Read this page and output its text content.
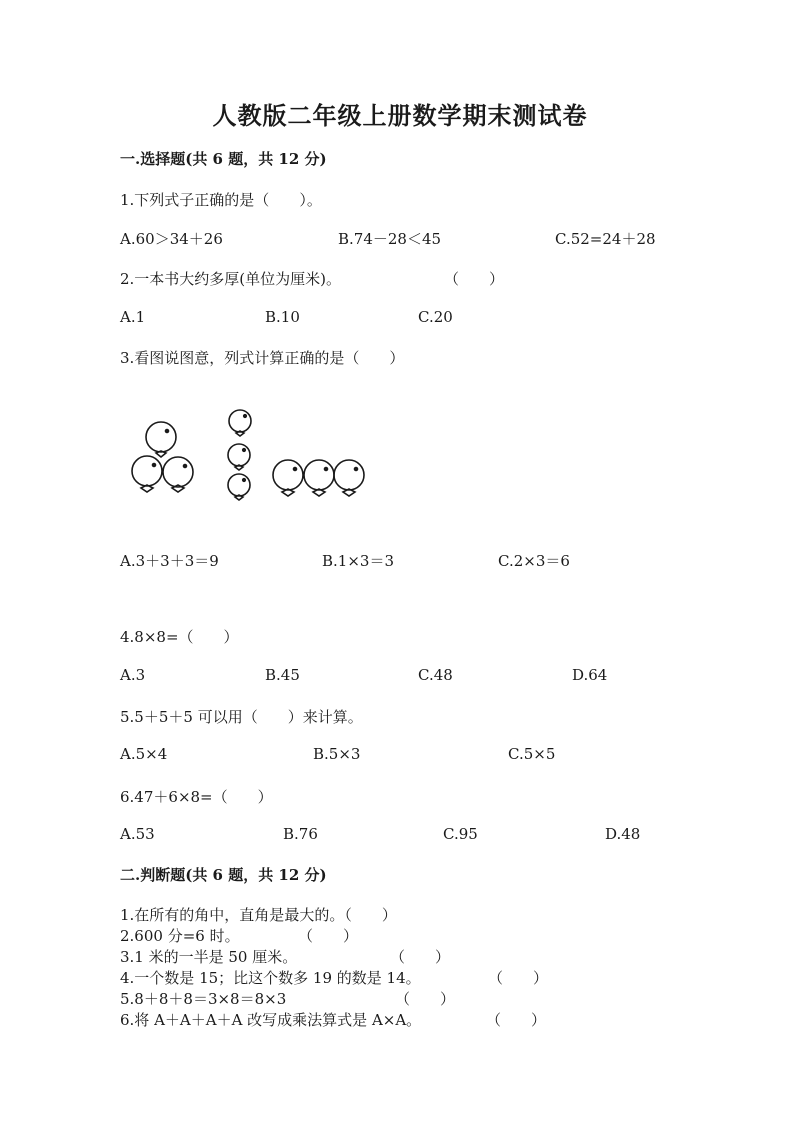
人教版二年级上册数学期末测试卷
一.选择题(共 6 题，共 12 分)
1.下列式子正确的是（　　）。
A.60＞34＋26	B.74－28＜45	C.52=24＋28
2.一本书大约多厚(单位为厘米)。	（　　）
A.1	B.10	C.20
3.看图说图意，列式计算正确的是（　　）
A.3＋3＋3＝9	B.1×3＝3	C.2×3＝6
4.8×8=（　　）
A.3	B.45	C.48	D.64
5.5＋5＋5 可以用（　　）来计算。
A.5×4	B.5×3	C.5×5
6.47＋6×8=（　　）
A.53	B.76	C.95	D.48
二.判断题(共 6 题，共 12 分)
1.在所有的角中，直角是最大的。（　　）
2.600 分=6 时。	（　　）
3.1 米的一半是 50 厘米。	（　　）
4.一个数是 15；比这个数多 19 的数是 14。	（　　）
5.8＋8＋8＝3×8＝8×3	（　　）
6.将 A＋A＋A＋A 改写成乘法算式是 A×A。	（　　）
